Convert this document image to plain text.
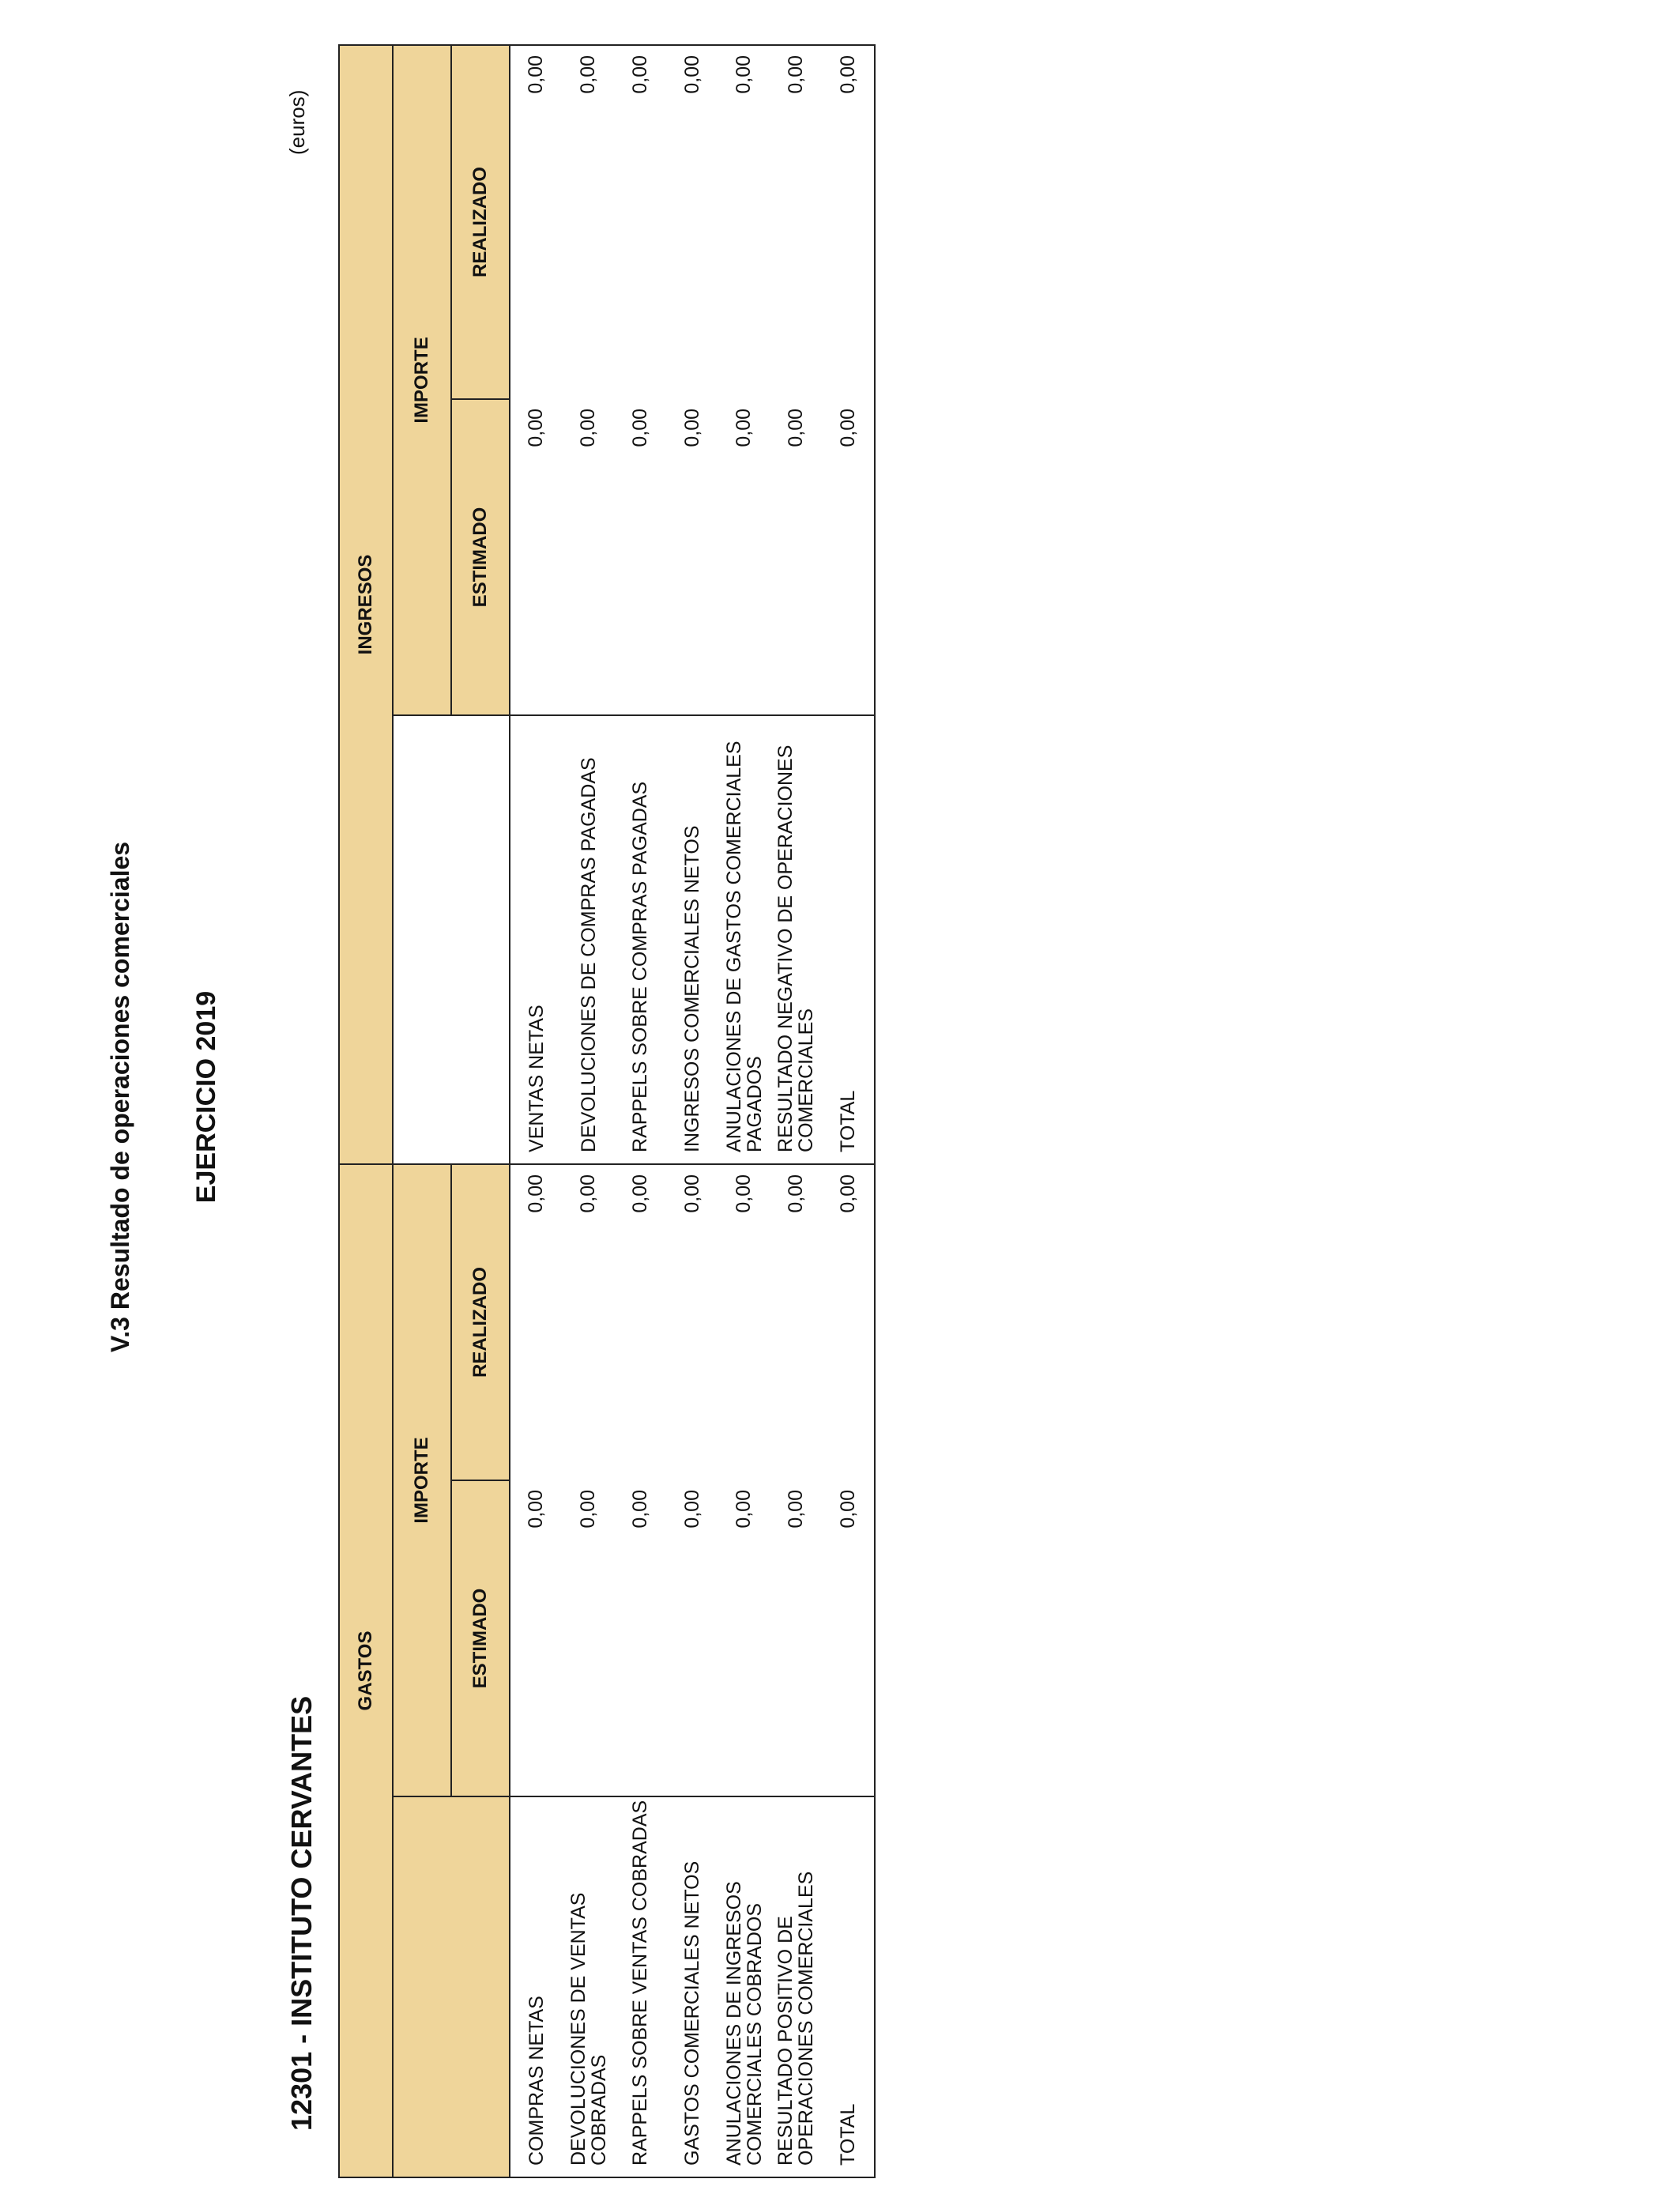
V.3 Resultado de operaciones comerciales EJERCICIO 2019
12301 - INSTITUTO CERVANTES
(euros)
GASTOS			INGRESOS		
	IMPORTE			IMPORTE	
	ESTIMADO	REALIZADO		ESTIMADO	REALIZADO
COMPRAS NETAS	0,00	0,00	VENTAS NETAS	0,00	0,00
DEVOLUCIONES DE VENTAS COBRADAS	0,00	0,00	DEVOLUCIONES DE COMPRAS PAGADAS	0,00	0,00
RAPPELS SOBRE VENTAS COBRADAS	0,00	0,00	RAPPELS SOBRE COMPRAS PAGADAS	0,00	0,00
GASTOS COMERCIALES NETOS	0,00	0,00	INGRESOS COMERCIALES NETOS	0,00	0,00
ANULACIONES DE INGRESOS COMERCIALES COBRADOS	0,00	0,00	ANULACIONES DE GASTOS COMERCIALES PAGADOS	0,00	0,00
RESULTADO POSITIVO DE OPERACIONES COMERCIALES	0,00	0,00	RESULTADO NEGATIVO DE OPERACIONES COMERCIALES	0,00	0,00
TOTAL	0,00	0,00	TOTAL	0,00	0,00
